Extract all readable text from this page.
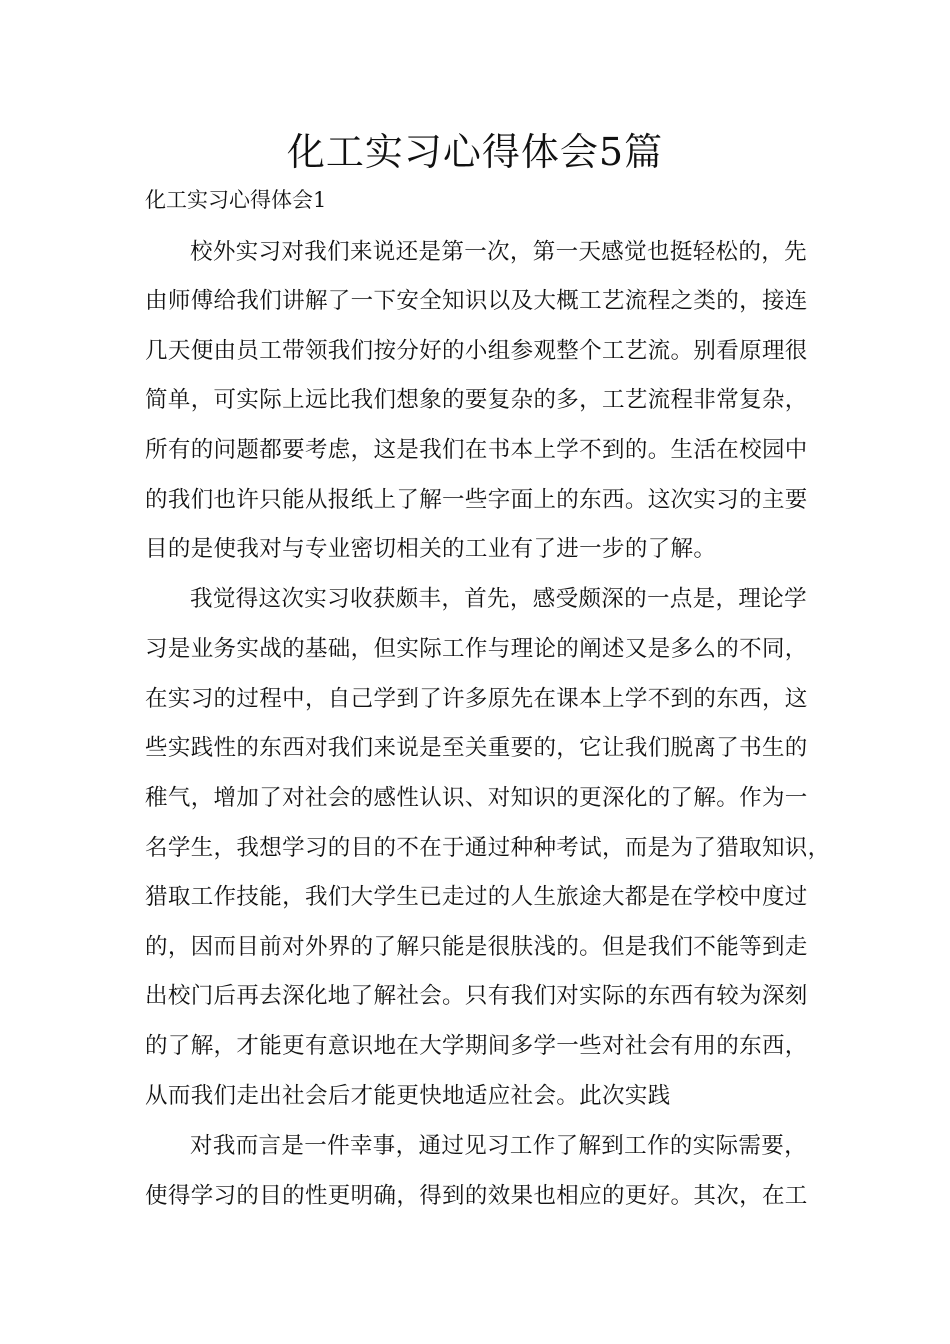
化工实习心得体会5篇
化工实习心得体会1

校外实习对我们来说还是第一次，第一天感觉也挺轻松的，先

由师傅给我们讲解了一下安全知识以及大概工艺流程之类的，接连

几天便由员工带领我们按分好的小组参观整个工艺流。别看原理很

简单，可实际上远比我们想象的要复杂的多，工艺流程非常复杂，

所有的问题都要考虑，这是我们在书本上学不到的。生活在校园中

的我们也许只能从报纸上了解一些字面上的东西。这次实习的主要

目的是使我对与专业密切相关的工业有了进一步的了解。

我觉得这次实习收获颇丰，首先，感受颇深的一点是，理论学

习是业务实战的基础，但实际工作与理论的阐述又是多么的不同，

在实习的过程中，自己学到了许多原先在课本上学不到的东西，这

些实践性的东西对我们来说是至关重要的，它让我们脱离了书生的

稚气，增加了对社会的感性认识、对知识的更深化的了解。作为一

名学生，我想学习的目的不在于通过种种考试，而是为了猎取知识，

猎取工作技能，我们大学生已走过的人生旅途大都是在学校中度过

的，因而目前对外界的了解只能是很肤浅的。但是我们不能等到走

出校门后再去深化地了解社会。只有我们对实际的东西有较为深刻

的了解，才能更有意识地在大学期间多学一些对社会有用的东西，

从而我们走出社会后才能更快地适应社会。此次实践

对我而言是一件幸事，通过见习工作了解到工作的实际需要，

使得学习的目的性更明确，得到的效果也相应的更好。其次，在工
